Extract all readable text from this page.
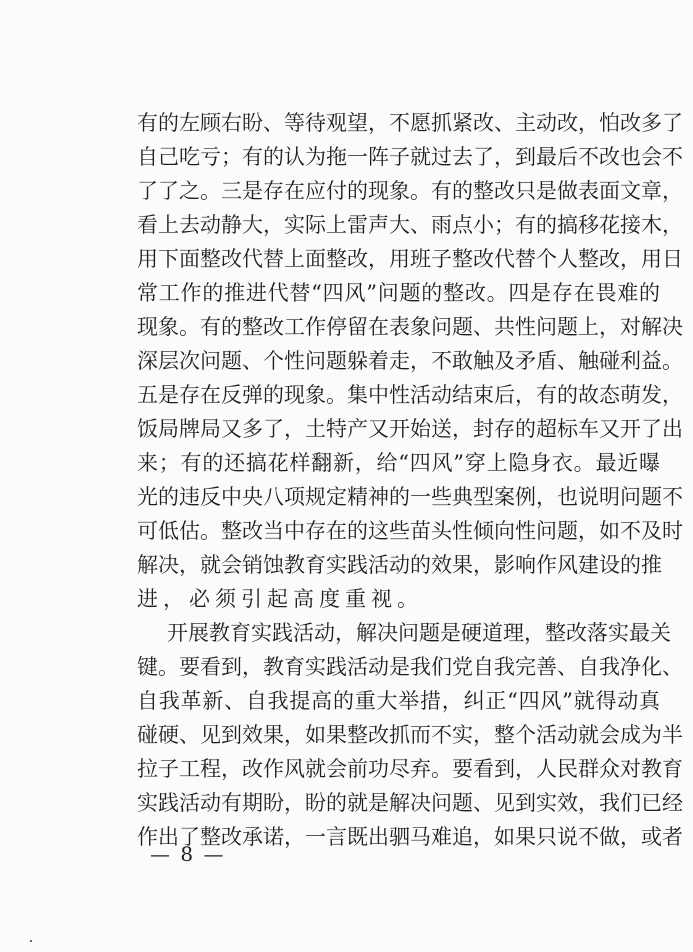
有的左顾右盼、等待观望，不愿抓紧改、主动改，怕改多了
自己吃亏；有的认为拖一阵子就过去了，到最后不改也会不
了了之。三是存在应付的现象。有的整改只是做表面文章，
看上去动静大，实际上雷声大、雨点小；有的搞移花接木，
用下面整改代替上面整改，用班子整改代替个人整改，用日
常工作的推进代替“四风”问题的整改。四是存在畏难的
现象。有的整改工作停留在表象问题、共性问题上，对解决
深层次问题、个性问题躲着走，不敢触及矛盾、触碰利益。
五是存在反弹的现象。集中性活动结束后，有的故态萌发，
饭局牌局又多了，土特产又开始送，封存的超标车又开了出
来；有的还搞花样翻新，给“四风”穿上隐身衣。最近曝
光的违反中央八项规定精神的一些典型案例，也说明问题不
可低估。整改当中存在的这些苗头性倾向性问题，如不及时
解决，就会销蚀教育实践活动的效果，影响作风建设的推
进，必须引起高度重视。
开展教育实践活动，解决问题是硬道理，整改落实最关
键。要看到，教育实践活动是我们党自我完善、自我净化、
自我革新、自我提高的重大举措，纠正“四风”就得动真
碰硬、见到效果，如果整改抓而不实，整个活动就会成为半
拉子工程，改作风就会前功尽弃。要看到，人民群众对教育
实践活动有期盼，盼的就是解决问题、见到实效，我们已经
作出了整改承诺，一言既出驷马难追，如果只说不做，或者
— 8 —
